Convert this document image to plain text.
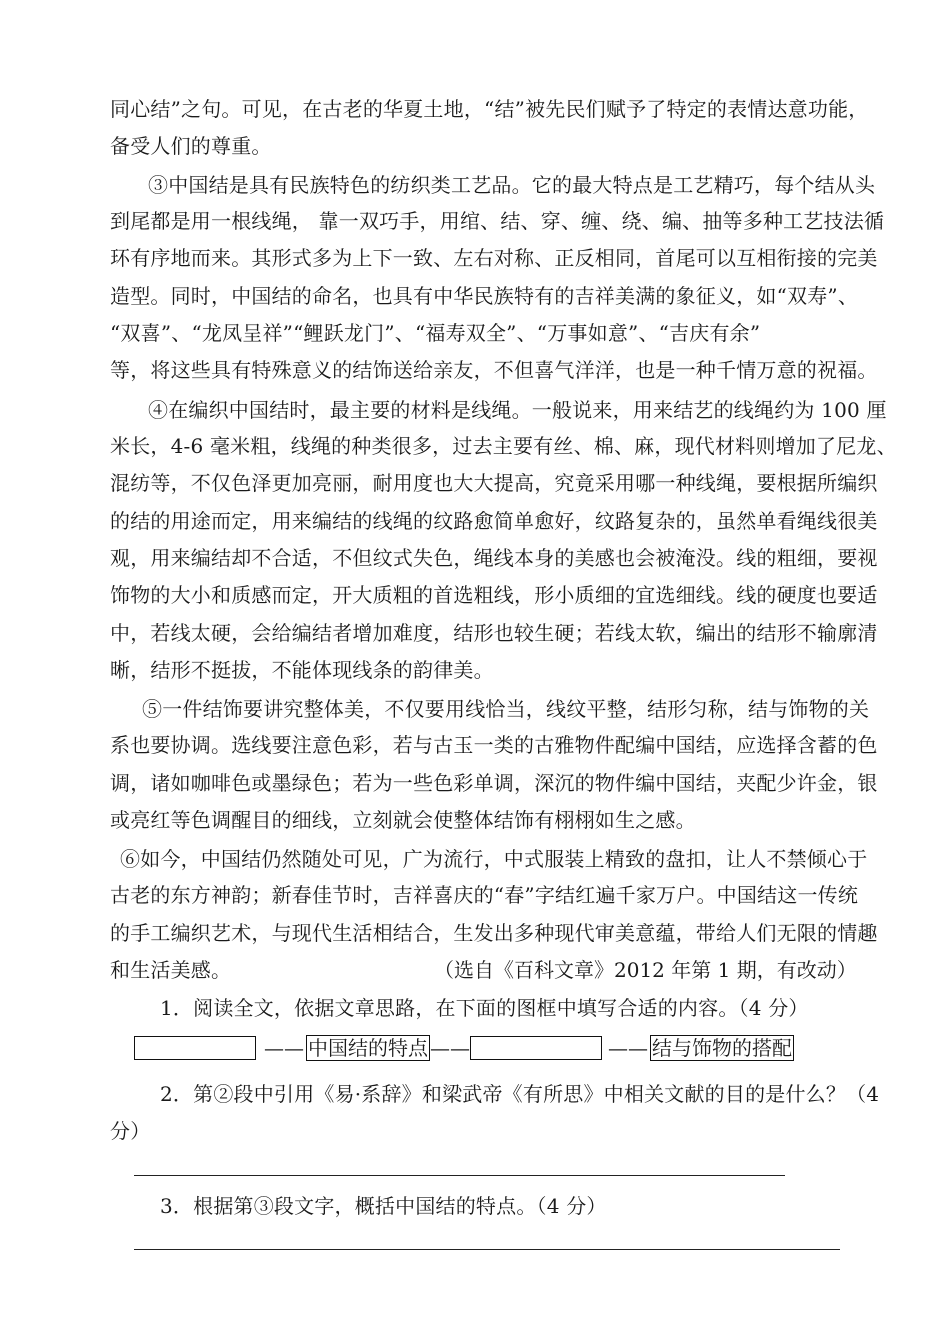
同心结”之句。可见，在古老的华夏土地，“结”被先民们赋予了特定的表情达意功能，
备受人们的尊重。
③中国结是具有民族特色的纺织类工艺品。它的最大特点是工艺精巧，每个结从头
到尾都是用一根线绳， 靠一双巧手，用绾、结、穿、缠、绕、编、抽等多种工艺技法循
环有序地而来。其形式多为上下一致、左右对称、正反相同，首尾可以互相衔接的完美
造型。同时，中国结的命名，也具有中华民族特有的吉祥美满的象征义，如“双寿”、
“双喜”、“龙凤呈祥”“鲤跃龙门”、“福寿双全”、“万事如意”、“吉庆有余”
等，将这些具有特殊意义的结饰送给亲友，不但喜气洋洋，也是一种千情万意的祝福。
④在编织中国结时，最主要的材料是线绳。一般说来，用来结艺的线绳约为 100 厘
米长，4-6 毫米粗，线绳的种类很多，过去主要有丝、棉、麻，现代材料则增加了尼龙、
混纺等，不仅色泽更加亮丽，耐用度也大大提高，究竟采用哪一种线绳，要根据所编织
的结的用途而定，用来编结的线绳的纹路愈简单愈好，纹路复杂的，虽然单看绳线很美
观，用来编结却不合适，不但纹式失色，绳线本身的美感也会被淹没。线的粗细，要视
饰物的大小和质感而定，开大质粗的首选粗线，形小质细的宜选细线。线的硬度也要适
中，若线太硬，会给编结者增加难度，结形也较生硬；若线太软，编出的结形不输廓清
晰，结形不挺拔，不能体现线条的韵律美。
⑤一件结饰要讲究整体美，不仅要用线恰当，线纹平整，结形匀称，结与饰物的关
系也要协调。选线要注意色彩，若与古玉一类的古雅物件配编中国结，应选择含蓄的色
调，诸如咖啡色或墨绿色；若为一些色彩单调，深沉的物件编中国结，夹配少许金，银
或亮红等色调醒目的细线，立刻就会使整体结饰有栩栩如生之感。
⑥如今，中国结仍然随处可见，广为流行，中式服装上精致的盘扣，让人不禁倾心于
古老的东方神韵；新春佳节时，吉祥喜庆的“春”字结红遍千家万户。中国结这一传统
的手工编织艺术，与现代生活相结合，生发出多种现代审美意蕴，带给人们无限的情趣
和生活美感。	（选自《百科文章》2012 年第 1 期，有改动）
1．阅读全文，依据文章思路，在下面的图框中填写合适的内容。（4 分）
—— 中国结的特点 ——	—— 结与饰物的搭配
2．第②段中引用《易·系辞》和梁武帝《有所思》中相关文献的目的是什么？（4
分）
3．根据第③段文字，概括中国结的特点。（4 分）
